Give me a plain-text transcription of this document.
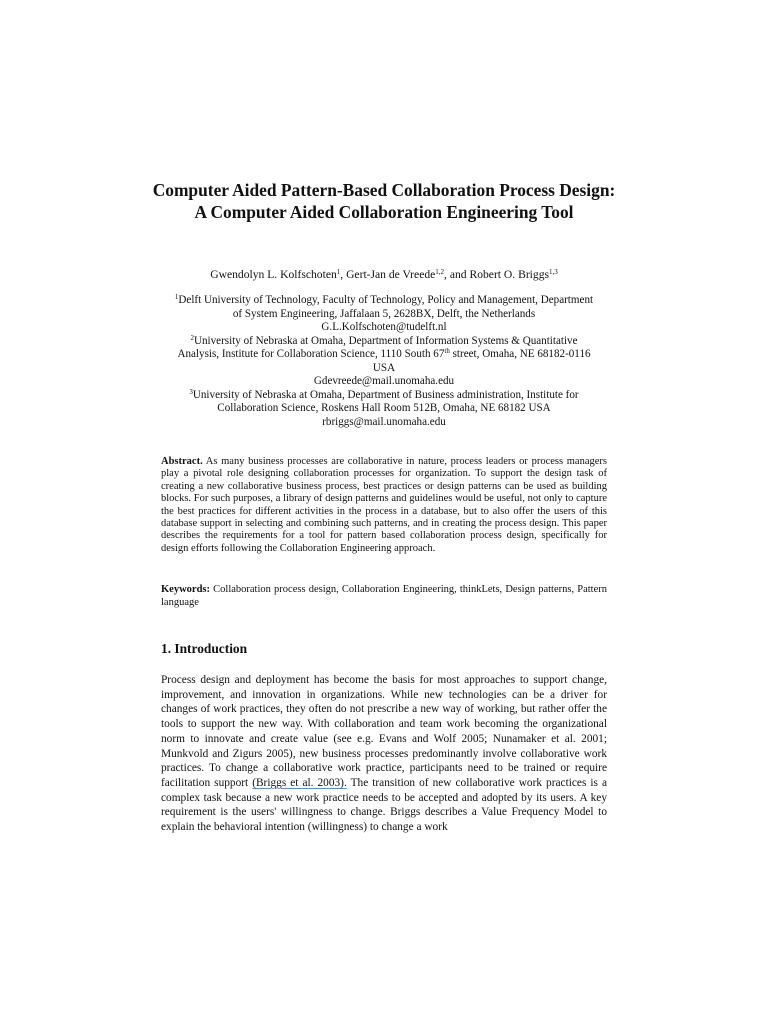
Computer Aided Pattern-Based Collaboration Process Design: A Computer Aided Collaboration Engineering Tool
Gwendolyn L. Kolfschoten$^1$, Gert-Jan de Vreede$^{1,2}$, and Robert O. Briggs$^{1,3}$
$^1$Delft University of Technology, Faculty of Technology, Policy and Management, Department
of System Engineering, Jaffalaan 5, 2628BX, Delft, the Netherlands
G.L.Kolfschoten@tudelft.nl
$^2$University of Nebraska at Omaha, Department of Information Systems & Quantitative
Analysis, Institute for Collaboration Science, 1110 South 67th street, Omaha, NE 68182-0116
USA
Gdevreede@mail.unomaha.edu
$^3$University of Nebraska at Omaha, Department of Business administration, Institute for
Collaboration Science, Roskens Hall Room 512B, Omaha, NE 68182 USA
rbriggs@mail.unomaha.edu

Abstract. As many business processes are collaborative in nature, process leaders or process managers play a pivotal role designing collaboration processes for organization. To support the design task of creating a new collaborative business process, best practices or design patterns can be used as building blocks. For such purposes, a library of design patterns and guidelines would be useful, not only to capture the best practices for different activities in the process in a database, but to also offer the users of this database support in selecting and combining such patterns, and in creating the process design. This paper describes the requirements for a tool for pattern based collaboration process design, specifically for design efforts following the Collaboration Engineering approach.

Keywords: Collaboration process design, Collaboration Engineering, thinkLets, Design patterns, Pattern language

1. Introduction

Process design and deployment has become the basis for most approaches to support change, improvement, and innovation in organizations. While new technologies can be a driver for changes of work practices, they often do not prescribe a new way of working, but rather offer the tools to support the new way. With collaboration and team work becoming the organizational norm to innovate and create value (see e.g. Evans and Wolf 2005; Nunamaker et al. 2001; Munkvold and Zigurs 2005), new business processes predominantly involve collaborative work practices. To change a collaborative work practice, participants need to be trained or require facilitation support (Briggs et al. 2003). The transition of new collaborative work practices is a complex task because a new work practice needs to be accepted and adopted by its users. A key requirement is the users' willingness to change. Briggs describes a Value Frequency Model to explain the behavioral intention (willingness) to change a work
